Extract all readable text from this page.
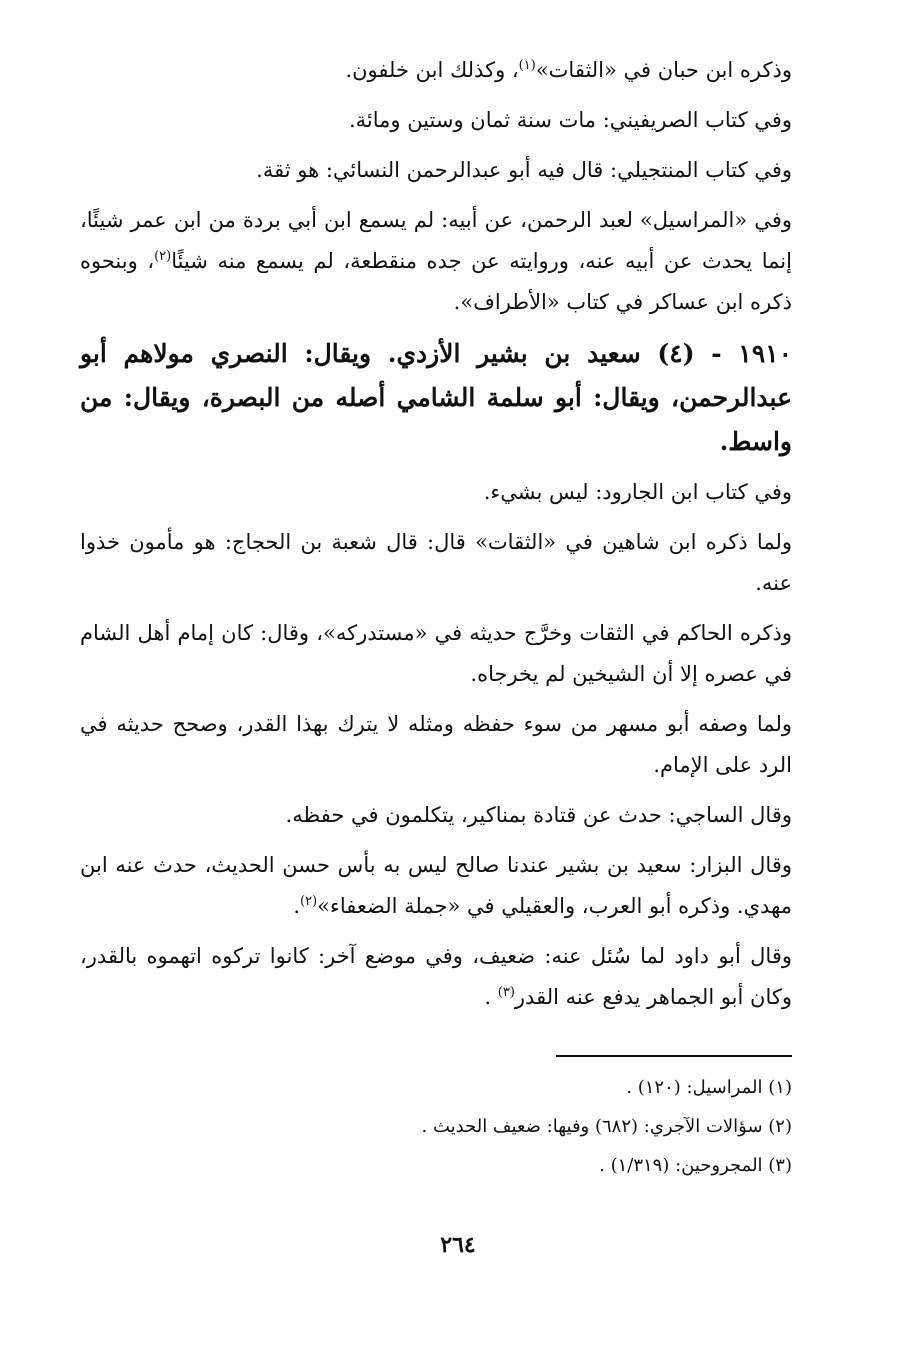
وذكره ابن حبان في «الثقات»$^{(١)}$، وكذلك ابن خلفون.

وفي كتاب الصريفيني: مات سنة ثمان وستين ومائة.

وفي كتاب المنتجيلي: قال فيه أبو عبدالرحمن النسائي: هو ثقة.

وفي «المراسيل» لعبد الرحمن، عن أبيه: لم يسمع ابن أبي بردة من ابن عمر شيئًا، إنما يحدث عن أبيه عنه، وروايته عن جده منقطعة، لم يسمع منه شيئًا$^{(٢)}$، وبنحوه ذكره ابن عساكر في كتاب «الأطراف».

١٩١٠ - (٤) سعيد بن بشير الأزدي. ويقال: النصري مولاهم أبو عبدالرحمن، ويقال: أبو سلمة الشامي أصله من البصرة، ويقال: من واسط.

وفي كتاب ابن الجارود: ليس بشيء.

ولما ذكره ابن شاهين في «الثقات» قال: قال شعبة بن الحجاج: هو مأمون خذوا عنه.

وذكره الحاكم في الثقات وخرَّج حديثه في «مستدركه»، وقال: كان إمام أهل الشام في عصره إلا أن الشيخين لم يخرجاه.

ولما وصفه أبو مسهر من سوء حفظه ومثله لا يترك بهذا القدر، وصحح حديثه في الرد على الإمام.

وقال الساجي: حدث عن قتادة بمناكير، يتكلمون في حفظه.

وقال البزار: سعيد بن بشير عندنا صالح ليس به بأس حسن الحديث، حدث عنه ابن مهدي. وذكره أبو العرب، والعقيلي في «جملة الضعفاء»$^{(٢)}$.

وقال أبو داود لما سُئل عنه: ضعيف، وفي موضع آخر: كانوا تركوه اتهموه بالقدر، وكان أبو الجماهر يدفع عنه القدر$^{(٣)}$ .

(١) المراسيل: (١٢٠) .

(٢) سؤالات الآجري: (٦٨٢) وفيها: ضعيف الحديث .

(٣) المجروحين: (١/٣١٩) .

٢٦٤
